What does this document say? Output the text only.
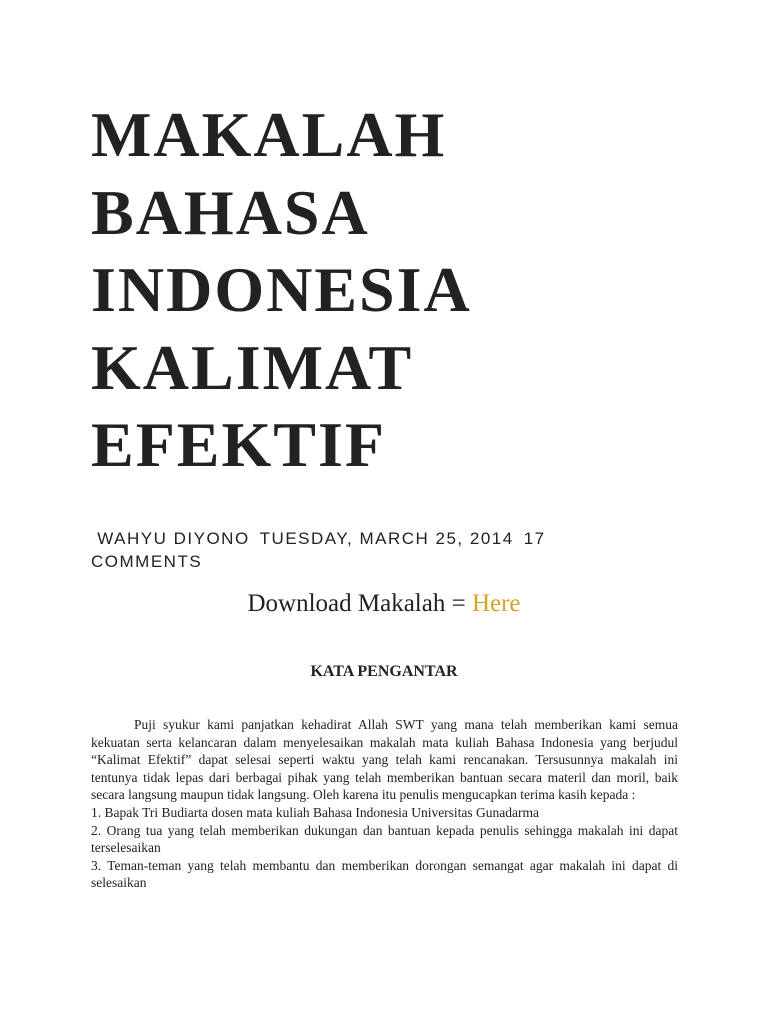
MAKALAH
BAHASA
INDONESIA
KALIMAT
EFEKTIF
WAHYU DIYONO TUESDAY, MARCH 25, 2014 17 COMMENTS
Download Makalah = Here
KATA PENGANTAR

Puji syukur kami panjatkan kehadirat Allah SWT yang mana telah memberikan kami semua kekuatan serta kelancaran dalam menyelesaikan makalah mata kuliah Bahasa Indonesia yang berjudul “Kalimat Efektif” dapat selesai seperti waktu yang telah kami rencanakan. Tersusunnya makalah ini tentunya tidak lepas dari berbagai pihak yang telah memberikan bantuan secara materil dan moril, baik secara langsung maupun tidak langsung. Oleh karena itu penulis mengucapkan terima kasih kepada :

1. Bapak Tri Budiarta dosen mata kuliah Bahasa Indonesia Universitas Gunadarma

2. Orang tua yang telah memberikan dukungan dan bantuan kepada penulis sehingga makalah ini dapat terselesaikan

3. Teman-teman yang telah membantu dan memberikan dorongan semangat agar makalah ini dapat di selesaikan
